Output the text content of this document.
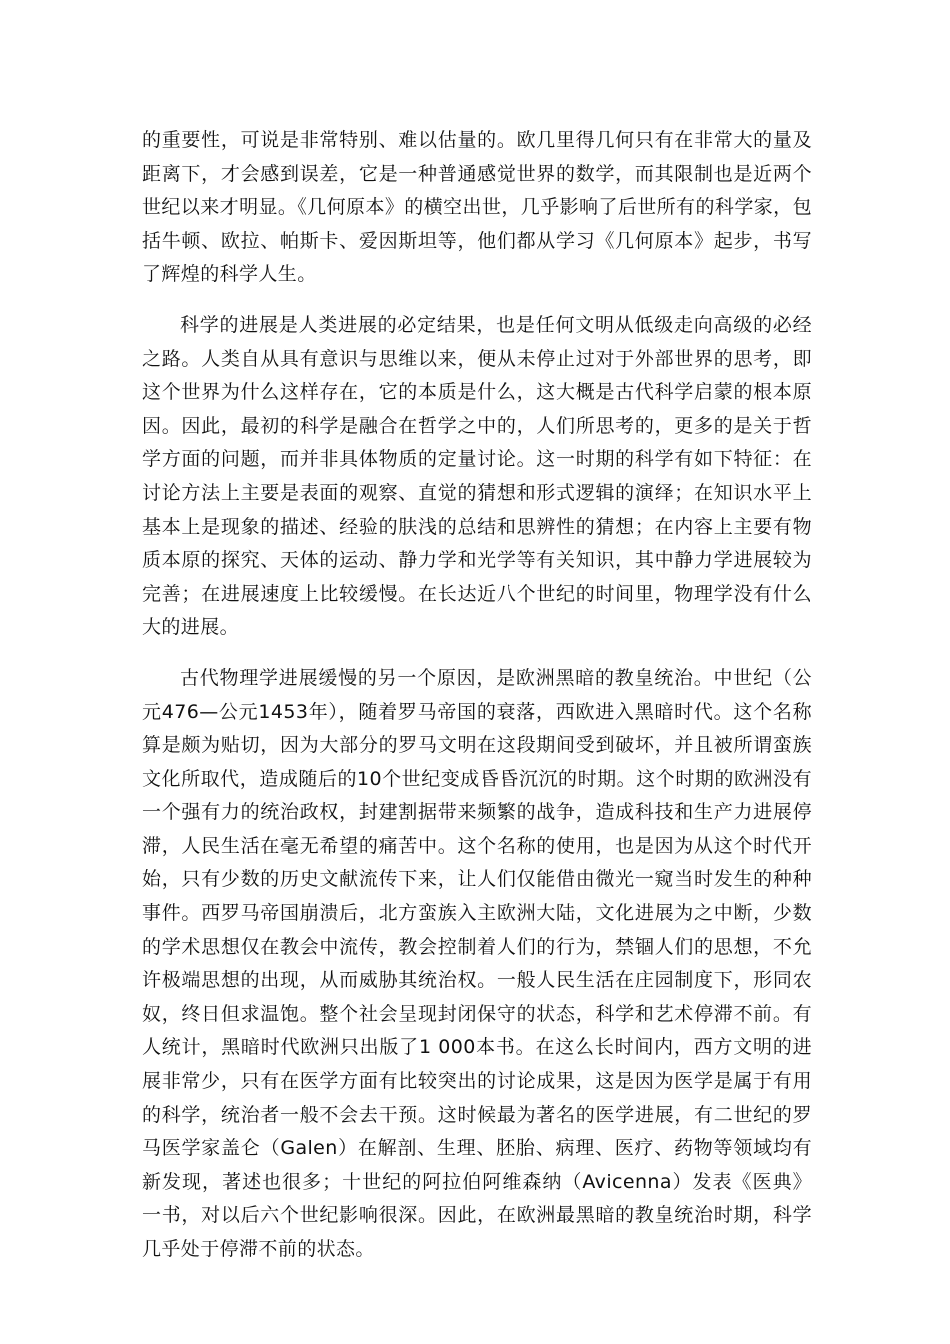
的重要性，可说是非常特别、难以估量的。欧几里得几何只有在非常大的量及距离下，才会感到误差，它是一种普通感觉世界的数学，而其限制也是近两个世纪以来才明显。《几何原本》的横空出世，几乎影响了后世所有的科学家，包括牛顿、欧拉、帕斯卡、爱因斯坦等，他们都从学习《几何原本》起步，书写了辉煌的科学人生。

科学的进展是人类进展的必定结果，也是任何文明从低级走向高级的必经之路。人类自从具有意识与思维以来，便从未停止过对于外部世界的思考，即这个世界为什么这样存在，它的本质是什么，这大概是古代科学启蒙的根本原因。因此，最初的科学是融合在哲学之中的，人们所思考的，更多的是关于哲学方面的问题，而并非具体物质的定量讨论。这一时期的科学有如下特征：在讨论方法上主要是表面的观察、直觉的猜想和形式逻辑的演绎；在知识水平上基本上是现象的描述、经验的肤浅的总结和思辨性的猜想；在内容上主要有物质本原的探究、天体的运动、静力学和光学等有关知识，其中静力学进展较为完善；在进展速度上比较缓慢。在长达近八个世纪的时间里，物理学没有什么大的进展。

古代物理学进展缓慢的另一个原因，是欧洲黑暗的教皇统治。中世纪（公元476—公元1453年），随着罗马帝国的衰落，西欧进入黑暗时代。这个名称算是颇为贴切，因为大部分的罗马文明在这段期间受到破坏，并且被所谓蛮族文化所取代，造成随后的10个世纪变成昏昏沉沉的时期。这个时期的欧洲没有一个强有力的统治政权，封建割据带来频繁的战争，造成科技和生产力进展停滞，人民生活在毫无希望的痛苦中。这个名称的使用，也是因为从这个时代开始，只有少数的历史文献流传下来，让人们仅能借由微光一窥当时发生的种种事件。西罗马帝国崩溃后，北方蛮族入主欧洲大陆，文化进展为之中断，少数的学术思想仅在教会中流传，教会控制着人们的行为，禁锢人们的思想，不允许极端思想的出现，从而威胁其统治权。一般人民生活在庄园制度下，形同农奴，终日但求温饱。整个社会呈现封闭保守的状态，科学和艺术停滞不前。有人统计，黑暗时代欧洲只出版了1 000本书。在这么长时间内，西方文明的进展非常少，只有在医学方面有比较突出的讨论成果，这是因为医学是属于有用的科学，统治者一般不会去干预。这时候最为著名的医学进展，有二世纪的罗马医学家盖仑（Galen）在解剖、生理、胚胎、病理、医疗、药物等领域均有新发现，著述也很多；十世纪的阿拉伯阿维森纳（Avicenna）发表《医典》一书，对以后六个世纪影响很深。因此，在欧洲最黑暗的教皇统治时期，科学几乎处于停滞不前的状态。
